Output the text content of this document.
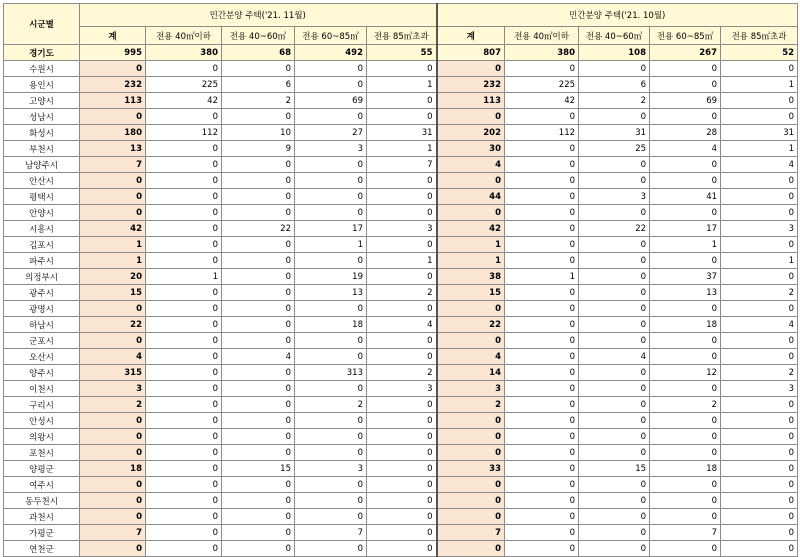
시군별	민간분양 주택('21. 11월)					민간분양 주택('21. 10월)				
	계	전용 40㎡이하	전용 40~60㎡	전용 60~85㎡	전용 85㎡초과	계	전용 40㎡이하	전용 40~60㎡	전용 60~85㎡	전용 85㎡초과
경기도	995	380	68	492	55	807	380	108	267	52
수원시	0	0	0	0	0	0	0	0	0	0
용인시	232	225	6	0	1	232	225	6	0	1
고양시	113	42	2	69	0	113	42	2	69	0
성남시	0	0	0	0	0	0	0	0	0	0
화성시	180	112	10	27	31	202	112	31	28	31
부천시	13	0	9	3	1	30	0	25	4	1
남양주시	7	0	0	0	7	4	0	0	0	4
안산시	0	0	0	0	0	0	0	0	0	0
평택시	0	0	0	0	0	44	0	3	41	0
안양시	0	0	0	0	0	0	0	0	0	0
시흥시	42	0	22	17	3	42	0	22	17	3
김포시	1	0	0	1	0	1	0	0	1	0
파주시	1	0	0	0	1	1	0	0	0	1
의정부시	20	1	0	19	0	38	1	0	37	0
광주시	15	0	0	13	2	15	0	0	13	2
광명시	0	0	0	0	0	0	0	0	0	0
하남시	22	0	0	18	4	22	0	0	18	4
군포시	0	0	0	0	0	0	0	0	0	0
오산시	4	0	4	0	0	4	0	4	0	0
양주시	315	0	0	313	2	14	0	0	12	2
이천시	3	0	0	0	3	3	0	0	0	3
구리시	2	0	0	2	0	2	0	0	2	0
안성시	0	0	0	0	0	0	0	0	0	0
의왕시	0	0	0	0	0	0	0	0	0	0
포천시	0	0	0	0	0	0	0	0	0	0
양평군	18	0	15	3	0	33	0	15	18	0
여주시	0	0	0	0	0	0	0	0	0	0
동두천시	0	0	0	0	0	0	0	0	0	0
과천시	0	0	0	0	0	0	0	0	0	0
가평군	7	0	0	7	0	7	0	0	7	0
연천군	0	0	0	0	0	0	0	0	0	0
